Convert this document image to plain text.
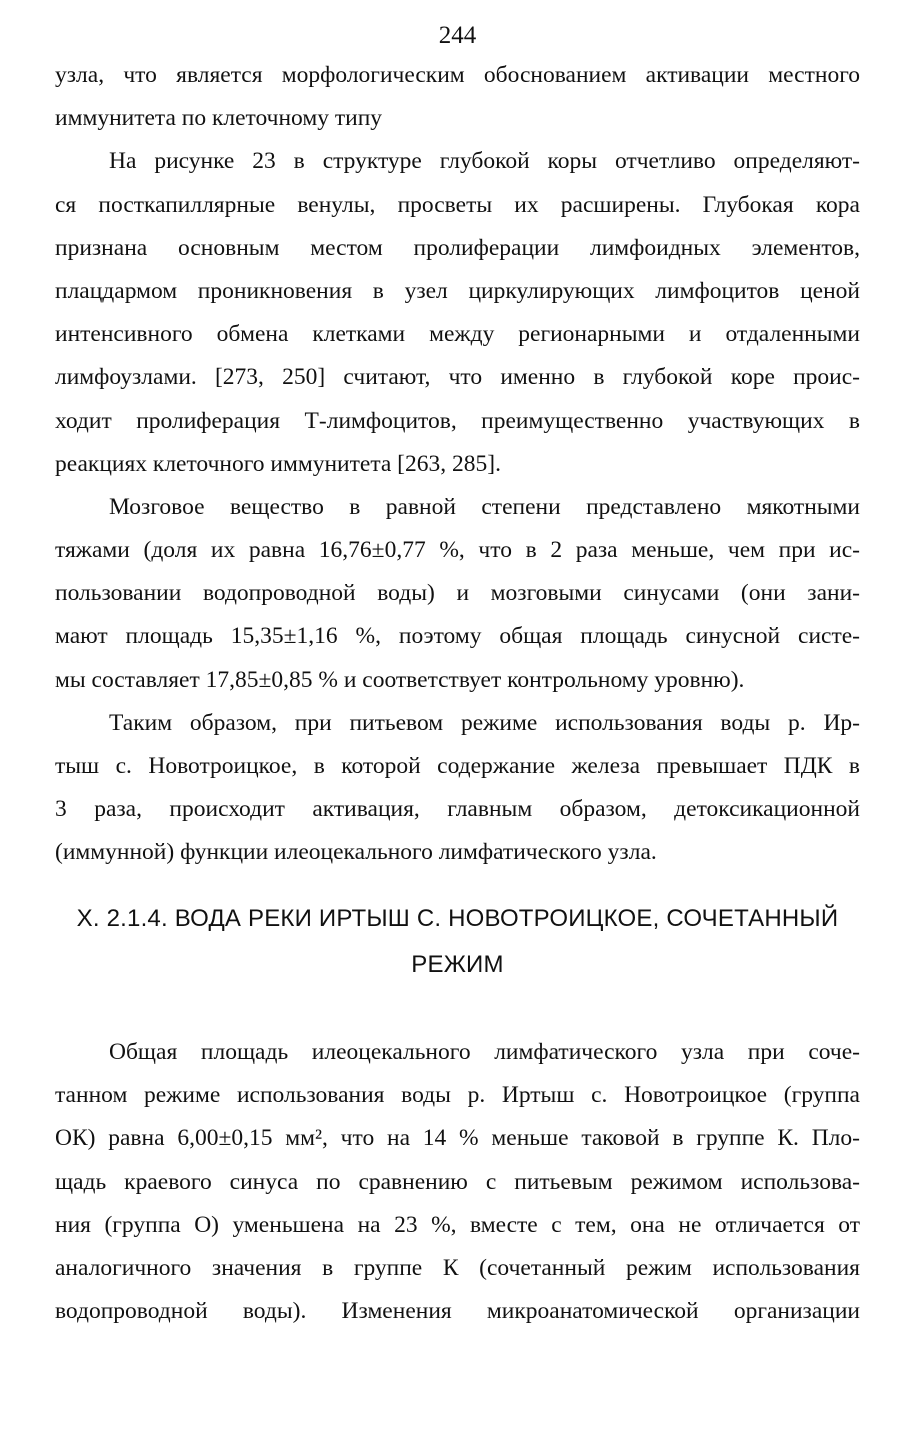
244
узла, что является морфологическим обоснованием активации местного
иммунитета по клеточному типу
На рисунке 23 в структуре глубокой коры отчетливо определяют-
ся посткапиллярные венулы, просветы их расширены. Глубокая кора
признана основным местом пролиферации лимфоидных элементов,
плацдармом проникновения в узел циркулирующих лимфоцитов ценой
интенсивного обмена клетками между регионарными и отдаленными
лимфоузлами. [273, 250] считают, что именно в глубокой коре проис-
ходит пролиферация Т-лимфоцитов, преимущественно участвующих в
реакциях клеточного иммунитета [263, 285].
Мозговое вещество в равной степени представлено мякотными
тяжами (доля их равна 16,76±0,77 %, что в 2 раза меньше, чем при ис-
пользовании водопроводной воды) и мозговыми синусами (они зани-
мают площадь 15,35±1,16 %, поэтому общая площадь синусной систе-
мы составляет 17,85±0,85 % и соответствует контрольному уровню).
Таким образом, при питьевом режиме использования воды р. Ир-
тыш с. Новотроицкое, в которой содержание железа превышает ПДК в
3 раза, происходит активация, главным образом, детоксикационной
(иммунной) функции илеоцекального лимфатического узла.
X. 2.1.4. ВОДА РЕКИ ИРТЫШ С. НОВОТРОИЦКОЕ, СОЧЕТАННЫЙ
РЕЖИМ
Общая площадь илеоцекального лимфатического узла при соче-
танном режиме использования воды р. Иртыш с. Новотроицкое (группа
ОК) равна 6,00±0,15 мм², что на 14 % меньше таковой в группе К. Пло-
щадь краевого синуса по сравнению с питьевым режимом использова-
ния (группа О) уменьшена на 23 %, вместе с тем, она не отличается от
аналогичного значения в группе К (сочетанный режим использования
водопроводной воды). Изменения микроанатомической организации
